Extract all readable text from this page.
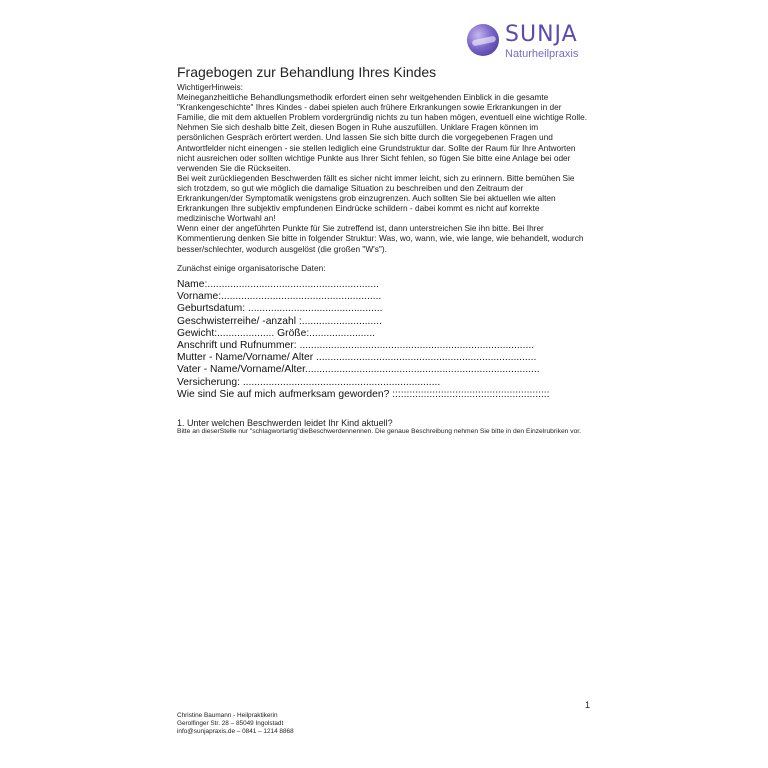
SUNJA
Naturheilpraxis
Fragebogen zur Behandlung Ihres Kindes

WichtigerHinweis:

Meineganzheitliche Behandlungsmethodik erfordert einen sehr weitgehenden Einblick in die gesamte "Krankengeschichte" Ihres Kindes - dabei spielen auch frühere Erkrankungen sowie Erkrankungen in der Familie, die mit dem aktuellen Problem vordergründig nichts zu tun haben mögen, eventuell eine wichtige Rolle. Nehmen Sie sich deshalb bitte Zeit, diesen Bogen in Ruhe auszufüllen. Unklare Fragen können im persönlichen Gespräch erörtert werden. Und lassen Sie sich bitte durch die vorgegebenen Fragen und Antwortfelder nicht einengen - sie stellen lediglich eine Grundstruktur dar. Sollte der Raum für Ihre Antworten nicht ausreichen oder sollten wichtige Punkte aus Ihrer Sicht fehlen, so fügen Sie bitte eine Anlage bei oder verwenden Sie die Rückseiten.

Bei weit zurückliegenden Beschwerden fällt es sicher nicht immer leicht, sich zu erinnern. Bitte bemühen Sie sich trotzdem, so gut wie möglich die damalige Situation zu beschreiben und den Zeitraum der Erkrankungen/der Symptomatik wenigstens grob einzugrenzen. Auch sollten Sie bei aktuellen wie alten Erkrankungen Ihre subjektiv empfundenen Eindrücke schildern - dabei kommt es nicht auf korrekte medizinische Wortwahl an!

Wenn einer der angeführten Punkte für Sie zutreffend ist, dann unterstreichen Sie ihn bitte. Bei Ihrer Kommentierung denken Sie bitte in folgender Struktur: Was, wo, wann, wie, wie lange, wie behandelt, wodurch besser/schlechter, wodurch ausgelöst (die großen "W's").

Zunächst einige organisatorische Daten:
Name:............................................................
Vorname:........................................................
Geburtsdatum: ...............................................
Geschwisterreihe/ -anzahl :............................
Gewicht:.................... Größe:.......................
Anschrift und Rufnummer: ..................................................................................
Mutter - Name/Vorname/ Alter .............................................................................
Vater - Name/Vorname/Alter..................................................................................
Versicherung: .....................................................................
Wie sind Sie auf mich aufmerksam geworden? :::::::::::::::::::::::::::::::::::::::::::::::::::::::
1. Unter welchen Beschwerden leidet Ihr Kind aktuell?
Bitte an dieserStelle nur "schlagwortartig"dieBeschwerdennennen. Die genaue Beschreibung nehmen Sie bitte in den Einzelrubriken vor.
1
Christine Baumann - Heilpraktikerin
Gerolfinger Str. 28 – 85049 Ingolstadt
info@sunjapraxis.de – 0841 – 1214 8868
